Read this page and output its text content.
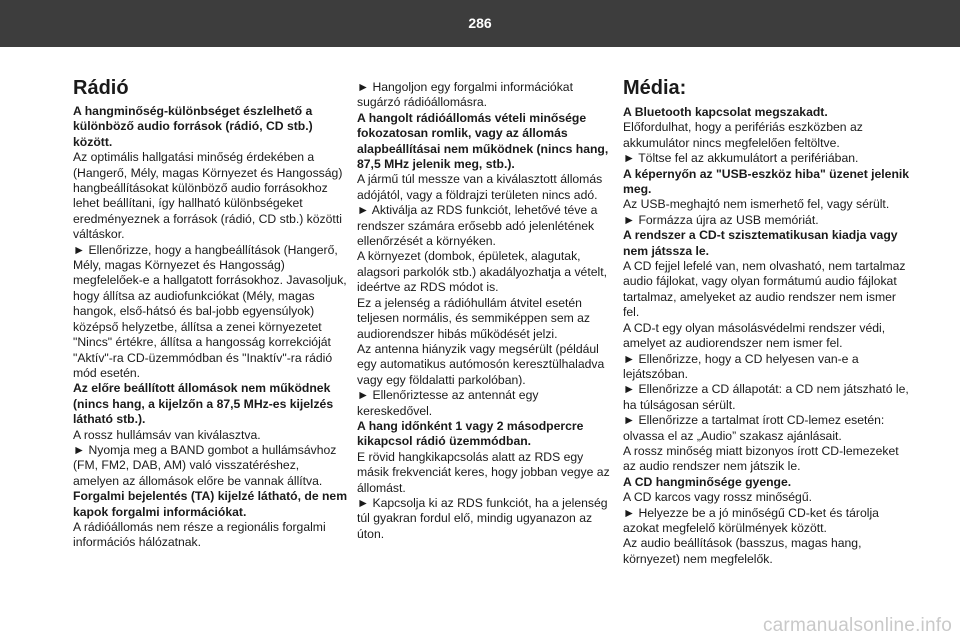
286
Rádió

A hangminőség-különbséget észlelhető a különböző audio források (rádió, CD stb.) között.

Az optimális hallgatási minőség érdekében a (Hangerő, Mély, magas Környezet és Hangosság) hangbeállításokat különböző audio forrásokhoz lehet beállítani, így hallható különbségeket eredményeznek a források (rádió, CD stb.) közötti váltáskor.

► Ellenőrizze, hogy a hangbeállítások (Hangerő, Mély, magas Környezet és Hangosság) megfelelőek-e a hallgatott forrásokhoz. Javasoljuk, hogy állítsa az audiofunkciókat (Mély, magas hangok, első-hátsó és bal-jobb egyensúlyok) középső helyzetbe, állítsa a zenei környezetet "Nincs" értékre, állítsa a hangosság korrekcióját "Aktív"-ra CD-üzemmódban és "Inaktív"-ra rádió mód esetén.

Az előre beállított állomások nem működnek (nincs hang, a kijelzőn a 87,5 MHz-es kijelzés látható stb.).

A rossz hullámsáv van kiválasztva.

► Nyomja meg a BAND gombot a hullámsávhoz (FM, FM2, DAB, AM) való visszatéréshez, amelyen az állomások előre be vannak állítva.

Forgalmi bejelentés (TA) kijelzé látható, de nem kapok forgalmi információkat.

A rádióállomás nem része a regionális forgalmi információs hálózatnak.

► Hangoljon egy forgalmi információkat sugárzó rádióállomásra.

A hangolt rádióállomás vételi minősége fokozatosan romlik, vagy az állomás alapbeállításai nem működnek (nincs hang, 87,5 MHz jelenik meg, stb.).

A jármű túl messze van a kiválasztott állomás adójától, vagy a földrajzi területen nincs adó.

► Aktiválja az RDS funkciót, lehetővé téve a rendszer számára erősebb adó jelenlétének ellenőrzését a környéken.

A környezet (dombok, épületek, alagutak, alagsori parkolók stb.) akadályozhatja a vételt, ideértve az RDS módot is.

Ez a jelenség a rádióhullám átvitel esetén teljesen normális, és semmiképpen sem az audiorendszer hibás működését jelzi.

Az antenna hiányzik vagy megsérült (például egy automatikus autómosón keresztülhaladva vagy egy földalatti parkolóban).

► Ellenőriztesse az antennát egy kereskedővel.

A hang időnként 1 vagy 2 másodpercre kikapcsol rádió üzemmódban.

E rövid hangkikapcsolás alatt az RDS egy másik frekvenciát keres, hogy jobban vegye az állomást.

► Kapcsolja ki az RDS funkciót, ha a jelenség túl gyakran fordul elő, mindig ugyanazon az úton.

Média:

A Bluetooth kapcsolat megszakadt.

Előfordulhat, hogy a perifériás eszközben az akkumulátor nincs megfelelően feltöltve.

► Töltse fel az akkumulátort a perifériában.

A képernyőn az "USB-eszköz hiba" üzenet jelenik meg.

Az USB-meghajtó nem ismerhető fel, vagy sérült.

► Formázza újra az USB memóriát.

A rendszer a CD-t szisztematikusan kiadja vagy nem játssza le.

A CD fejjel lefelé van, nem olvasható, nem tartalmaz audio fájlokat, vagy olyan formátumú audio fájlokat tartalmaz, amelyeket az audio rendszer nem ismer fel.

A CD-t egy olyan másolásvédelmi rendszer védi, amelyet az audiorendszer nem ismer fel.

► Ellenőrizze, hogy a CD helyesen van-e a lejátszóban.

► Ellenőrizze a CD állapotát: a CD nem játszható le, ha túlságosan sérült.

► Ellenőrizze a tartalmat írott CD-lemez esetén: olvassa el az „Audio” szakasz ajánlásait.

A rossz minőség miatt bizonyos írott CD-lemezeket az audio rendszer nem játszik le.

A CD hangminősége gyenge.

A CD karcos vagy rossz minőségű.

► Helyezze be a jó minőségű CD-ket és tárolja azokat megfelelő körülmények között.

Az audio beállítások (basszus, magas hang, környezet) nem megfelelők.

carmanualsonline.info
